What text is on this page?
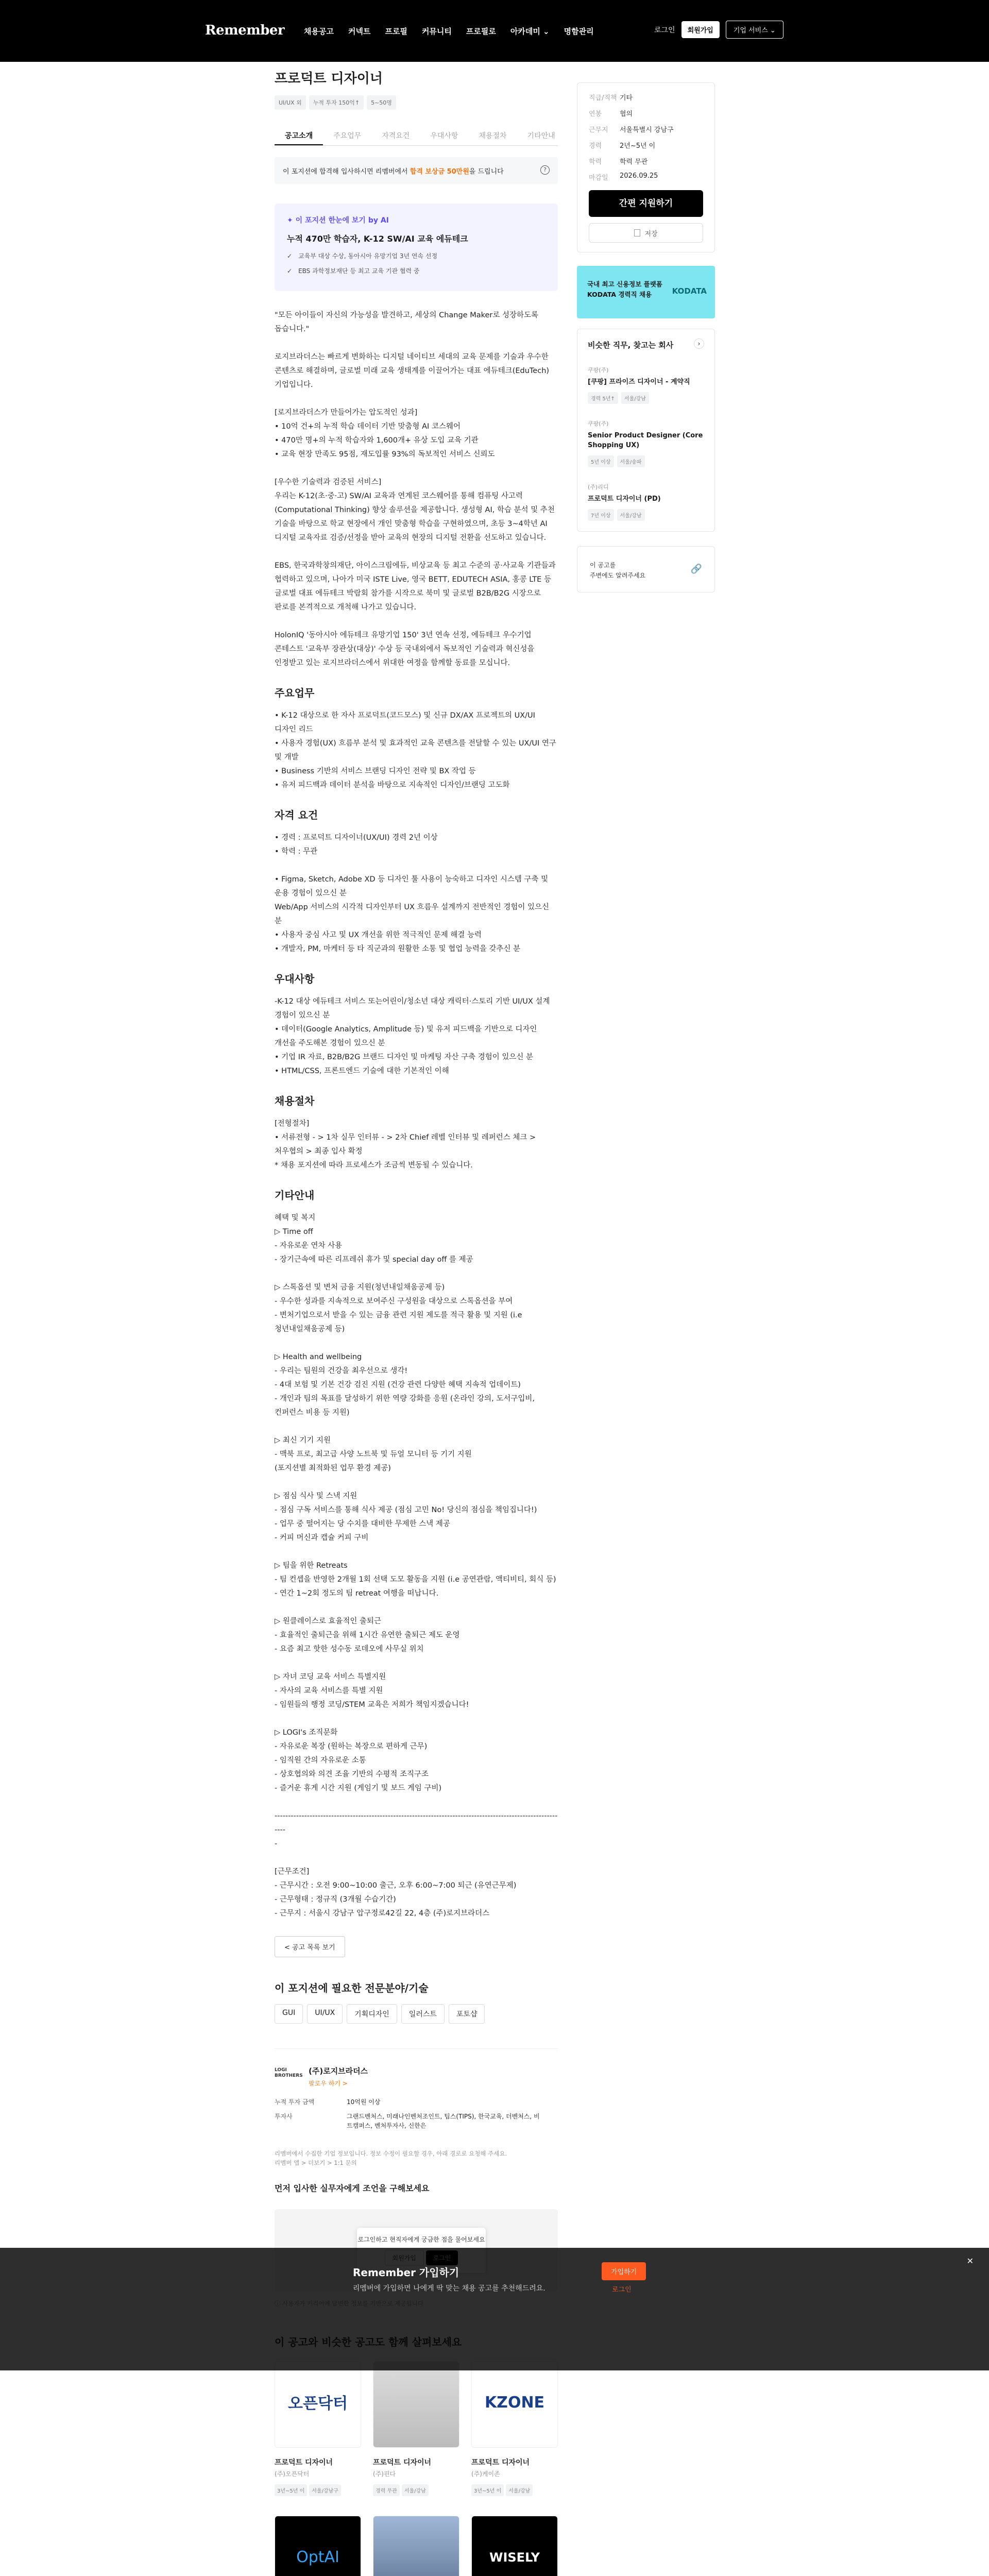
Remember	채용공고 커넥트 프로필 커뮤니티 프로필로 아카데미 ⌄ 명함관리	로그인	회원가입	기업 서비스 ⌄
프로덕트 디자이너
UI/UX 외	누적 투자 150억↑	5~50명
공고소개	주요업무	자격요건	우대사항	채용절차	기타안내
이 포지션에 합격해 입사하시면 리멤버에서 합격 보상금 50만원을 드립니다	?
✦ 이 포지션 한눈에 보기 by AI
누적 470만 학습자, K-12 SW/AI 교육 에듀테크
✓ 교육부 대상 수상, 동아시아 유망기업 3년 연속 선정
✓ EBS 과학정보재단 등 최고 교육 기관 협력 중
"모든 아이들이 자신의 가능성을 발견하고, 세상의 Change Maker로 성장하도록 돕습니다."

로지브라더스는 빠르게 변화하는 디지털 네이티브 세대의 교육 문제를 기술과 우수한 콘텐츠로 해결하며, 글로벌 미래 교육 생태계를 이끌어가는 대표 에듀테크(EduTech) 기업입니다.

[로지브라더스가 만들어가는 압도적인 성과]
• 10억 건+의 누적 학습 데이터 기반 맞춤형 AI 코스웨어
• 470만 명+의 누적 학습자와 1,600개+ 유상 도입 교육 기관
• 교육 현장 만족도 95점, 재도입률 93%의 독보적인 서비스 신뢰도

[우수한 기술력과 검증된 서비스]
우리는 K-12(초·중·고) SW/AI 교육과 연계된 코스웨어를 통해 컴퓨팅 사고력(Computational Thinking) 향상 솔루션을 제공합니다. 생성형 AI, 학습 분석 및 추천 기술을 바탕으로 학교 현장에서 개인 맞춤형 학습을 구현하였으며, 초등 3~4학년 AI 디지털 교육자료 검증/선정을 받아 교육의 현장의 디지털 전환을 선도하고 있습니다.

EBS, 한국과학창의재단, 아이스크림에듀, 비상교육 등 최고 수준의 공·사교육 기관들과 협력하고 있으며, 나아가 미국 ISTE Live, 영국 BETT, EDUTECH ASIA, 홍콩 LTE 등 글로벌 대표 에듀테크 박람회 참가를 시작으로 북미 및 글로벌 B2B/B2G 시장으로 판로를 본격적으로 개척해 나가고 있습니다.

HolonIQ '동아시아 에듀테크 유망기업 150' 3년 연속 선정, 에듀테크 우수기업 콘테스트 '교육부 장관상(대상)' 수상 등 국내외에서 독보적인 기술력과 혁신성을 인정받고 있는 로지브라더스에서 위대한 여정을 함께할 동료를 모십니다.
주요업무
• K-12 대상으로 한 자사 프로덕트(코드모스) 및 신규 DX/AX 프로젝트의 UX/UI 디자인 리드
• 사용자 경험(UX) 흐름부 분석 및 효과적인 교육 콘텐츠를 전달할 수 있는 UX/UI 연구 및 개발
• Business 기반의 서비스 브랜딩 디자인 전략 및 BX 작업 등
• 유저 피드백과 데이터 분석을 바탕으로 지속적인 디자인/브랜딩 고도화
자격 요건
• 경력 : 프로덕트 디자이너(UX/UI) 경력 2년 이상
• 학력 : 무관

• Figma, Sketch, Adobe XD 등 디자인 툴 사용이 능숙하고 디자인 시스템 구축 및 운용 경험이 있으신 분
Web/App 서비스의 시각적 디자인부터 UX 흐름우 설계까지 전반적인 경험이 있으신 분
• 사용자 중심 사고 및 UX 개선을 위한 적극적인 문제 해결 능력
• 개발자, PM, 마케터 등 타 직군과의 원활한 소통 및 협업 능력을 갖추신 분
우대사항
-K-12 대상 에듀테크 서비스 또는어린이/청소년 대상 캐릭터·스토리 기반 UI/UX 설계 경험이 있으신 분
• 데이터(Google Analytics, Amplitude 등) 및 유저 피드백을 기반으로 디자인 개선을 주도해본 경험이 있으신 분
• 기업 IR 자료, B2B/B2G 브랜드 디자인 및 마케팅 자산 구축 경험이 있으신 분
• HTML/CSS, 프론트엔드 기술에 대한 기본적인 이해
채용절차
[전형절차]
• 서류전형 - > 1차 실무 인터뷰 - > 2차 Chief 레벨 인터뷰 및 레퍼런스 체크 > 처우협의 > 최종 입사 확정
* 채용 포지션에 따라 프로세스가 조금씩 변동될 수 있습니다.
기타안내
혜택 및 복지
▷ Time off
- 자유로운 연차 사용
- 장기근속에 따른 리프레쉬 휴가 및 special day off 를 제공

▷ 스톡옵션 및 변처 금융 지원(청년내일채움공제 등)
- 우수한 성과를 지속적으로 보여주신 구성원을 대상으로 스톡옵션을 부여
- 변처기업으로서 받을 수 있는 금융 관련 지원 제도를 적극 활용 및 지원 (i.e 청년내일채움공제 등)

▷ Health and wellbeing
- 우리는 팀원의 건강을 최우선으로 생각!
- 4대 보험 및 기본 건강 검진 지원 (건강 관련 다양한 혜택 지속적 업데이트)
- 개인과 팀의 목표를 달성하기 위한 역량 강화를 응원 (온라인 강의, 도서구입비, 컨퍼런스 비용 등 지원)

▷ 최신 기기 지원
- 맥북 프로, 최고급 사양 노트북 및 듀얼 모니터 등 기기 지원
(포지션별 최적화된 업무 환경 제공)

▷ 점심 식사 및 스낵 지원
- 점심 구독 서비스를 통해 식사 제공 (점심 고민 No! 당신의 점심을 책임집니다!)
- 업무 중 떨어지는 당 수치를 대비한 무제한 스낵 제공
- 커피 머신과 캡슐 커피 구비

▷ 팀을 위한 Retreats
- 팀 컨셉을 반영한 2개월 1회 선택 도모 활동을 지원 (i.e 공연관람, 액티비티, 회식 등)
- 연간 1~2회 정도의 팀 retreat 여행을 떠납니다.

▷ 원클레이스로 효율적인 출퇴근
- 효율적인 출퇴근을 위해 1시간 유연한 출퇴근 제도 운영
- 요즘 최고 핫한 성수동 로데오에 사무실 위치

▷ 자녀 코딩 교육 서비스 특별지원
- 자사의 교육 서비스를 특별 지원
- 임원들의 행정 코딩/STEM 교육은 저희가 책임지겠습니다!

▷ LOGI's 조직문화
- 자유로운 복장 (원하는 복장으로 편하게 근무)
- 임직원 간의 자유로운 소통
- 상호협의와 의견 조율 기반의 수평적 조직구조
- 즐거운 휴게 시간 지원 (게임기 및 보드 게임 구비)

-------------------------------------------------------------------------------------------------------------
-

[근무조건]
- 근무시간 : 오전 9:00~10:00 출근, 오후 6:00~7:00 퇴근 (유연근무제)
- 근무형태 : 정규직 (3개월 수습기간)
- 근무지 : 서울시 강남구 압구정로42길 22, 4층 (주)로지브라더스
< 공고 목록 보기
이 포지션에 필요한 전문분야/기술
GUI	UI/UX	기획디자인	일러스트	포토샵
LOGI BROTHERS (주)로지브라더스
팔로우 하기 >
누적 투자 금액	10억원 이상
투자사	그랜드벤처스, 미래나인벤처조인트, 팁스(TIPS), 한국교육, 더벤처스, 비트캠퍼스, 벤처투자사, 신한은
리멤버에서 수집한 기업 정보입니다. 정보 수정이 필요할 경우, 아래 경로로 요청해 주세요.
리멤버 앱 > 더보기 > 1:1 문의
먼저 입사한 실무자에게 조언을 구해보세요
로그인하고 현직자에게 궁금한 점을 물어보세요

오픈닥터
프로덕트 디자이너
(주)오픈닥터
3년~5년 이	서울/강남구
프로덕트 디자이너
(주)핀다
경력 무관	서울/강남
KZONE
프로덕트 디자이너
(주)케이존
3년~5년 이	서울/강남
OptAI	WISELY
직급/직책 기타
연봉	협의
근무지	서울특별시 강남구
경력	2년~5년 이
학력	학력 무관
마감일	2026.09.25
간편 지원하기
저장
국내 최고 신용정보 플랫폼
KODATA 경력직 채용	KODATA
비슷한 직무, 찾고는 회사	›
쿠팡(주)
[쿠팡] 프라이즈 디자이너 - 계약직
경력 5년↑	서울/강남
쿠팡(주)
Senior Product Designer (Core Shopping UX)
5년 이상	서울/송파
(주)리디
프로덕트 디자이너 (PD)
7년 이상	서울/강남
이 공고를
주변에도 알려주세요
🔗
Remember 가입하기
리멤버에 가입하면 나에게 딱 맞는 채용 공고를 추천해드려요.
가입하기
로그인
✕
